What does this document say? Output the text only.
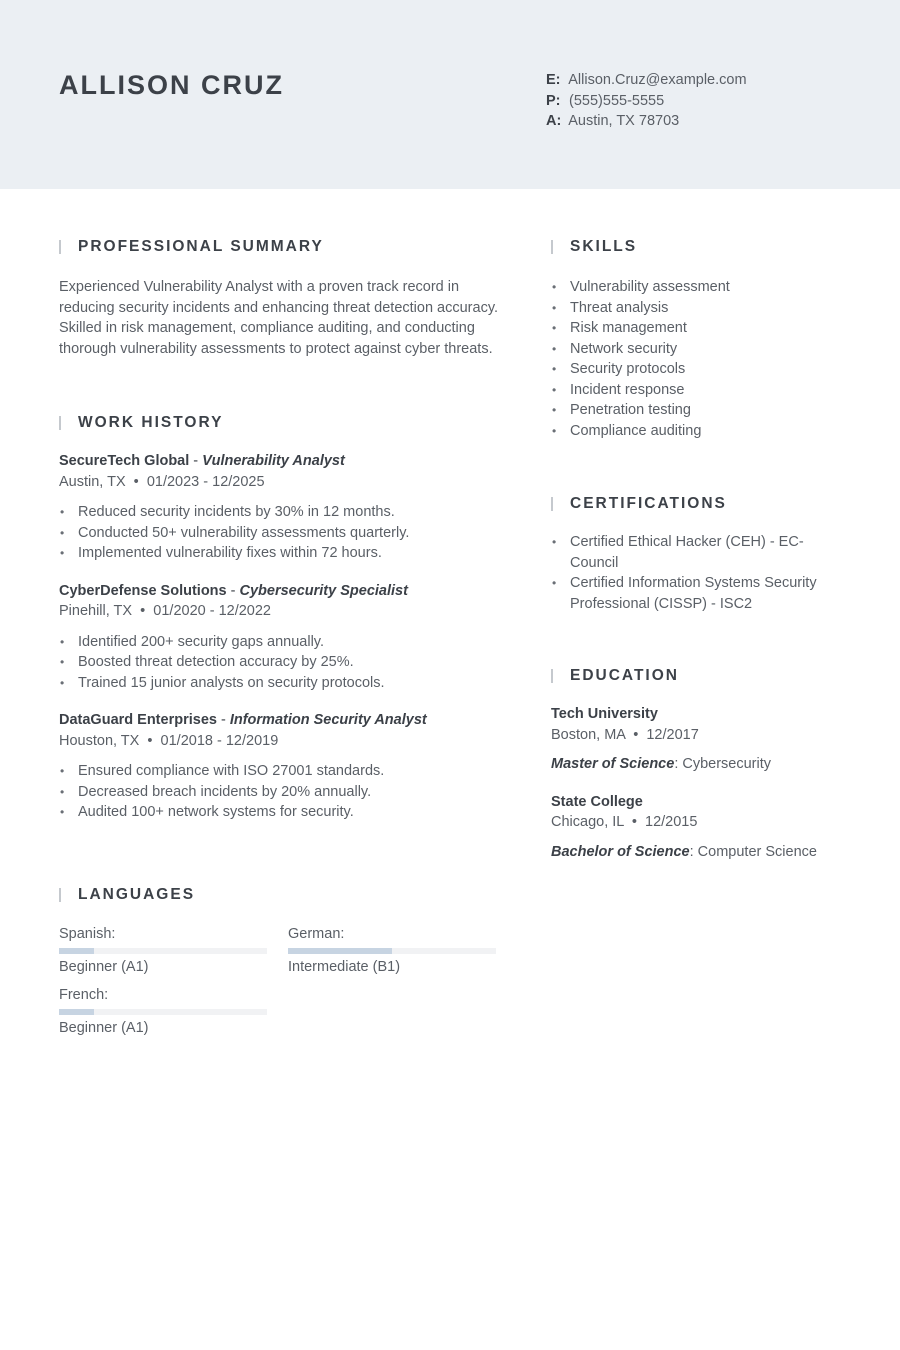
ALLISON CRUZ	E: Allison.Cruz@example.com
P: (555)555-5555
A: Austin, TX 78703
PROFESSIONAL SUMMARY

Experienced Vulnerability Analyst with a proven track record in reducing security incidents and enhancing threat detection accuracy. Skilled in risk management, compliance auditing, and conducting thorough vulnerability assessments to protect against cyber threats.

WORK HISTORY
SecureTech Global - Vulnerability Analyst
Austin, TX  •  01/2023 - 12/2025
• Reduced security incidents by 30% in 12 months.
• Conducted 50+ vulnerability assessments quarterly.
• Implemented vulnerability fixes within 72 hours.
CyberDefense Solutions - Cybersecurity Specialist
Pinehill, TX  •  01/2020 - 12/2022
• Identified 200+ security gaps annually.
• Boosted threat detection accuracy by 25%.
• Trained 15 junior analysts on security protocols.
DataGuard Enterprises - Information Security Analyst
Houston, TX  •  01/2018 - 12/2019
• Ensured compliance with ISO 27001 standards.
• Decreased breach incidents by 20% annually.
• Audited 100+ network systems for security.
LANGUAGES
Spanish:
Beginner (A1)
German:
Intermediate (B1)
French:
Beginner (A1)
SKILLS
• Vulnerability assessment
• Threat analysis
• Risk management
• Network security
• Security protocols
• Incident response
• Penetration testing
• Compliance auditing
CERTIFICATIONS
• Certified Ethical Hacker (CEH) - EC-Council
• Certified Information Systems Security Professional (CISSP) - ISC2
EDUCATION
Tech University
Boston, MA  •  12/2017
Master of Science: Cybersecurity
State College
Chicago, IL  •  12/2015
Bachelor of Science: Computer Science
